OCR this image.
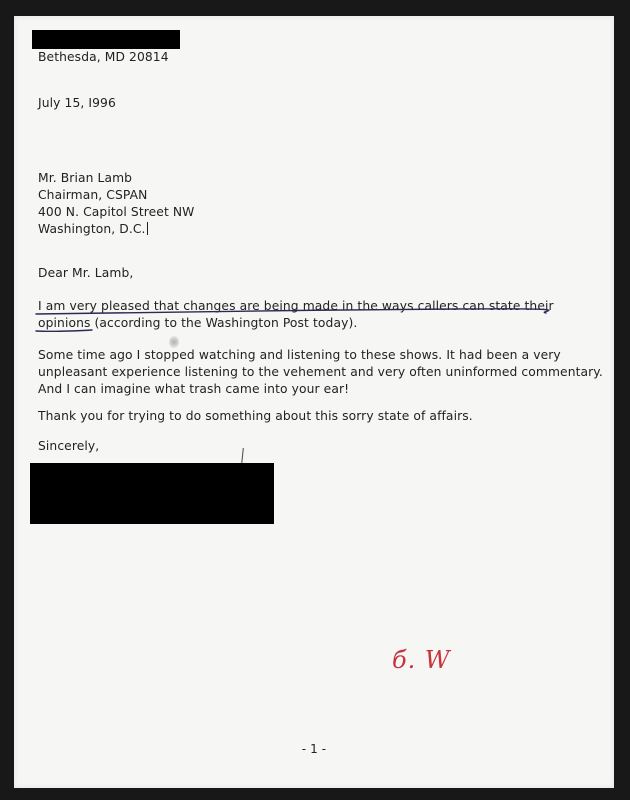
Bethesda, MD 20814
July 15, I996
Mr. Brian Lamb
Chairman, CSPAN
400 N. Capitol Street NW
Washington, D.C.
Dear Mr. Lamb,
I am very pleased that changes are being made in the ways callers can state their
opinions (according to the Washington Post today).
Some time ago I stopped watching and listening to these shows. It had been a very
unpleasant experience listening to the vehement and very often uninformed commentary.
And I can imagine what trash came into your ear!
Thank you for trying to do something about this sorry state of affairs.
Sincerely,
б. W
- 1 -
